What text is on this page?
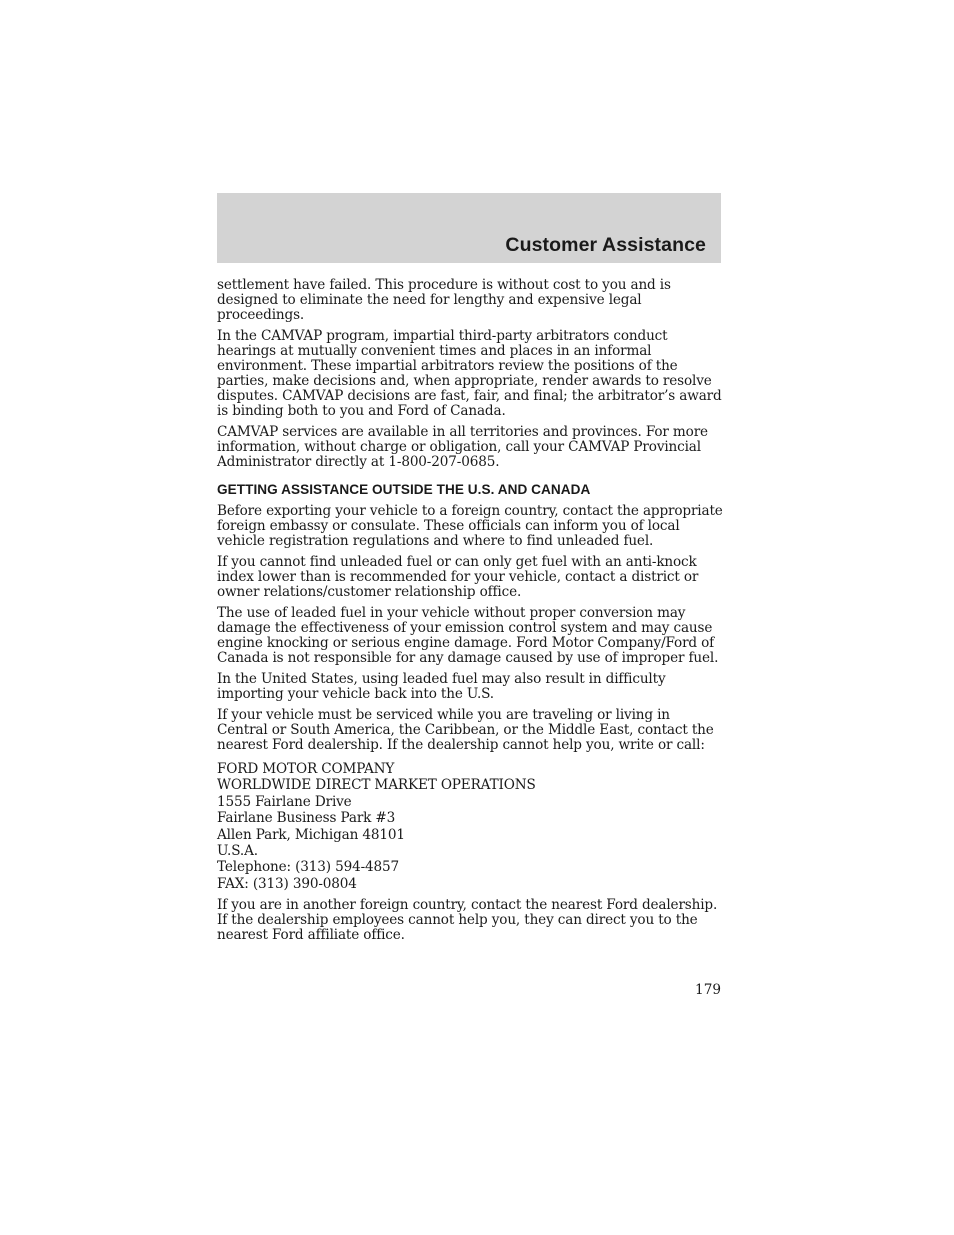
Customer Assistance

settlement have failed. This procedure is without cost to you and is designed to eliminate the need for lengthy and expensive legal proceedings.

In the CAMVAP program, impartial third-party arbitrators conduct hearings at mutually convenient times and places in an informal environment. These impartial arbitrators review the positions of the parties, make decisions and, when appropriate, render awards to resolve disputes. CAMVAP decisions are fast, fair, and final; the arbitrator’s award is binding both to you and Ford of Canada.

CAMVAP services are available in all territories and provinces. For more information, without charge or obligation, call your CAMVAP Provincial Administrator directly at 1-800-207-0685.

GETTING ASSISTANCE OUTSIDE THE U.S. AND CANADA

Before exporting your vehicle to a foreign country, contact the appropriate foreign embassy or consulate. These officials can inform you of local vehicle registration regulations and where to find unleaded fuel.

If you cannot find unleaded fuel or can only get fuel with an anti-knock index lower than is recommended for your vehicle, contact a district or owner relations/customer relationship office.

The use of leaded fuel in your vehicle without proper conversion may damage the effectiveness of your emission control system and may cause engine knocking or serious engine damage. Ford Motor Company/Ford of Canada is not responsible for any damage caused by use of improper fuel.

In the United States, using leaded fuel may also result in difficulty importing your vehicle back into the U.S.

If your vehicle must be serviced while you are traveling or living in Central or South America, the Caribbean, or the Middle East, contact the nearest Ford dealership. If the dealership cannot help you, write or call:

FORD MOTOR COMPANY
WORLDWIDE DIRECT MARKET OPERATIONS
1555 Fairlane Drive
Fairlane Business Park #3
Allen Park, Michigan 48101
U.S.A.
Telephone: (313) 594-4857
FAX: (313) 390-0804

If you are in another foreign country, contact the nearest Ford dealership. If the dealership employees cannot help you, they can direct you to the nearest Ford affiliate office.

179
